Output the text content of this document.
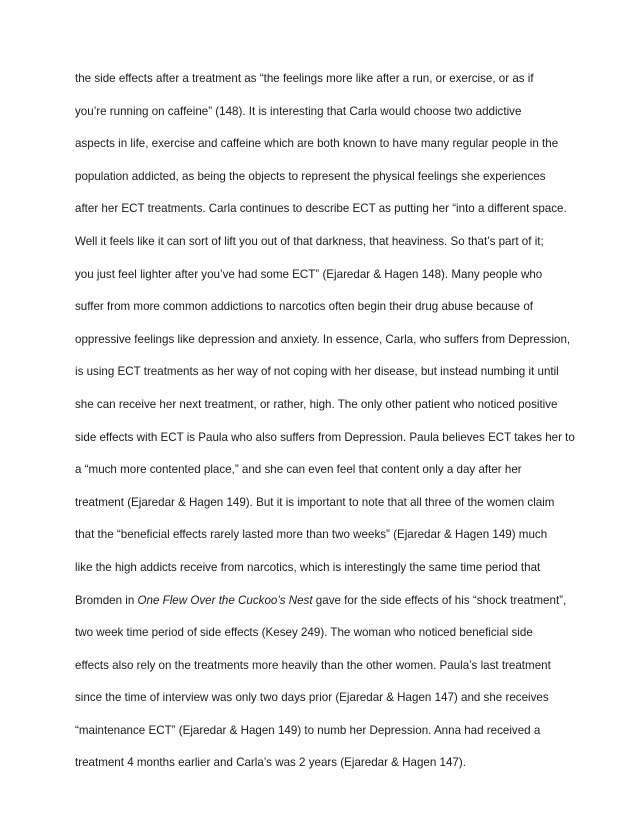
the side effects after a treatment as “the feelings more like after a run, or exercise, or as if
you’re running on caffeine” (148). It is interesting that Carla would choose two addictive
aspects in life, exercise and caffeine which are both known to have many regular people in the
population addicted, as being the objects to represent the physical feelings she experiences
after her ECT treatments. Carla continues to describe ECT as putting her “into a different space.
Well it feels like it can sort of lift you out of that darkness, that heaviness. So that’s part of it;
you just feel lighter after you’ve had some ECT” (Ejaredar & Hagen 148). Many people who
suffer from more common addictions to narcotics often begin their drug abuse because of
oppressive feelings like depression and anxiety. In essence, Carla, who suffers from Depression,
is using ECT treatments as her way of not coping with her disease, but instead numbing it until
she can receive her next treatment, or rather, high. The only other patient who noticed positive
side effects with ECT is Paula who also suffers from Depression. Paula believes ECT takes her to
a “much more contented place,” and she can even feel that content only a day after her
treatment (Ejaredar & Hagen 149). But it is important to note that all three of the women claim
that the “beneficial effects rarely lasted more than two weeks” (Ejaredar & Hagen 149) much
like the high addicts receive from narcotics, which is interestingly the same time period that
Bromden in One Flew Over the Cuckoo’s Nest gave for the side effects of his “shock treatment”,
two week time period of side effects (Kesey 249). The woman who noticed beneficial side
effects also rely on the treatments more heavily than the other women. Paula’s last treatment
since the time of interview was only two days prior (Ejaredar & Hagen 147) and she receives
“maintenance ECT” (Ejaredar & Hagen 149) to numb her Depression. Anna had received a
treatment 4 months earlier and Carla’s was 2 years (Ejaredar & Hagen 147).
